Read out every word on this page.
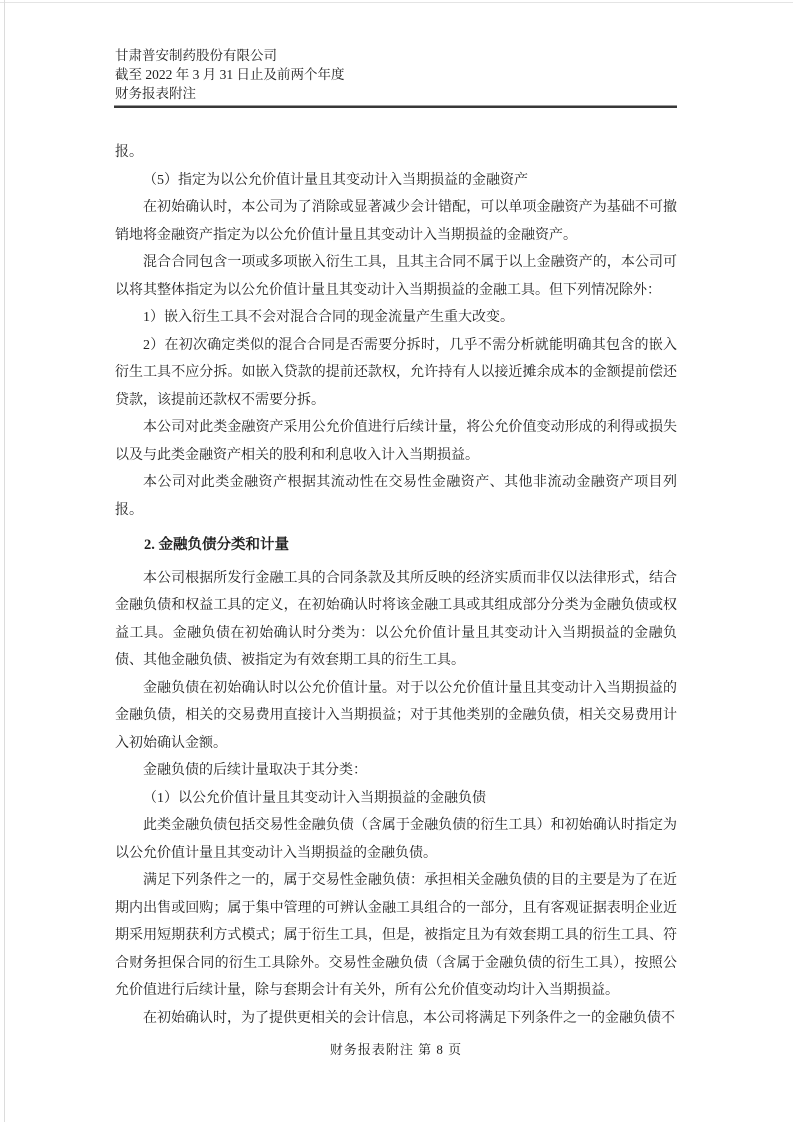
甘肃普安制药股份有限公司
截至 2022 年 3 月 31 日止及前两个年度
财务报表附注

报。

（5）指定为以公允价值计量且其变动计入当期损益的金融资产

在初始确认时，本公司为了消除或显著减少会计错配，可以单项金融资产为基础不可撤销地将金融资产指定为以公允价值计量且其变动计入当期损益的金融资产。

混合合同包含一项或多项嵌入衍生工具，且其主合同不属于以上金融资产的，本公司可以将其整体指定为以公允价值计量且其变动计入当期损益的金融工具。但下列情况除外：

1）嵌入衍生工具不会对混合合同的现金流量产生重大改变。

2）在初次确定类似的混合合同是否需要分拆时，几乎不需分析就能明确其包含的嵌入衍生工具不应分拆。如嵌入贷款的提前还款权，允许持有人以接近摊余成本的金额提前偿还贷款，该提前还款权不需要分拆。

本公司对此类金融资产采用公允价值进行后续计量，将公允价值变动形成的利得或损失以及与此类金融资产相关的股利和利息收入计入当期损益。

本公司对此类金融资产根据其流动性在交易性金融资产、其他非流动金融资产项目列报。

2. 金融负债分类和计量

本公司根据所发行金融工具的合同条款及其所反映的经济实质而非仅以法律形式，结合金融负债和权益工具的定义，在初始确认时将该金融工具或其组成部分分类为金融负债或权益工具。金融负债在初始确认时分类为：以公允价值计量且其变动计入当期损益的金融负债、其他金融负债、被指定为有效套期工具的衍生工具。

金融负债在初始确认时以公允价值计量。对于以公允价值计量且其变动计入当期损益的金融负债，相关的交易费用直接计入当期损益；对于其他类别的金融负债，相关交易费用计入初始确认金额。

金融负债的后续计量取决于其分类：

（1）以公允价值计量且其变动计入当期损益的金融负债

此类金融负债包括交易性金融负债（含属于金融负债的衍生工具）和初始确认时指定为以公允价值计量且其变动计入当期损益的金融负债。

满足下列条件之一的，属于交易性金融负债：承担相关金融负债的目的主要是为了在近期内出售或回购；属于集中管理的可辨认金融工具组合的一部分，且有客观证据表明企业近期采用短期获利方式模式；属于衍生工具，但是，被指定且为有效套期工具的衍生工具、符合财务担保合同的衍生工具除外。交易性金融负债（含属于金融负债的衍生工具），按照公允价值进行后续计量，除与套期会计有关外，所有公允价值变动均计入当期损益。

在初始确认时，为了提供更相关的会计信息，本公司将满足下列条件之一的金融负债不

财务报表附注 第 8 页
